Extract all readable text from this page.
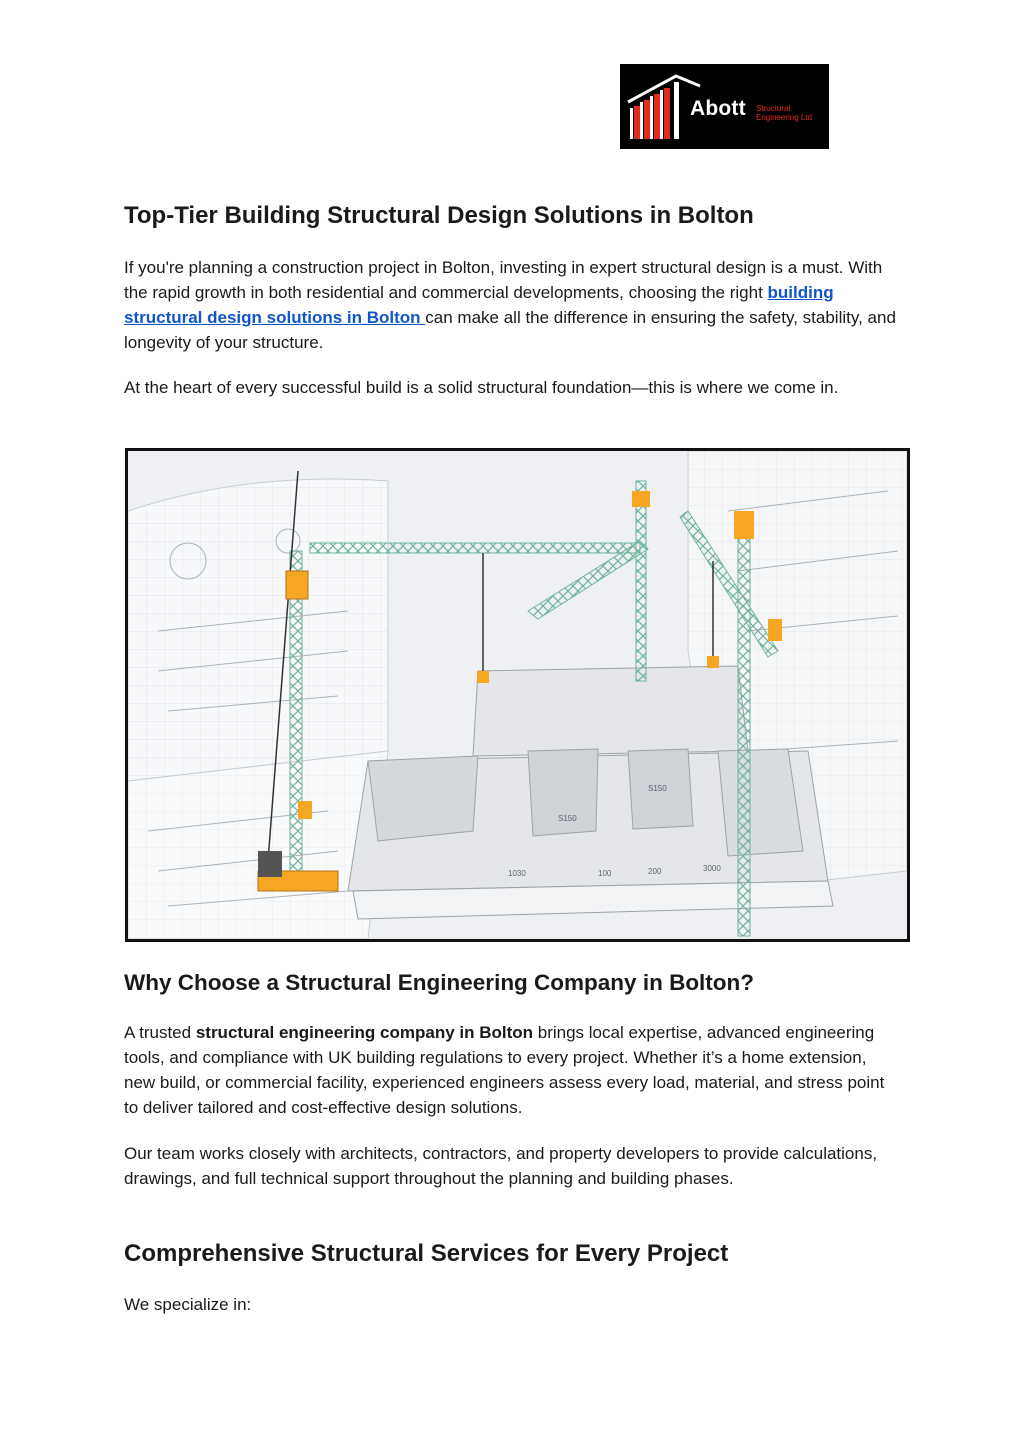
Abott Structural
Engineering Ltd
Top-Tier Building Structural Design Solutions in Bolton

If you're planning a construction project in Bolton, investing in expert structural design is a must. With the rapid growth in both residential and commercial developments, choosing the right building structural design solutions in Bolton can make all the difference in ensuring the safety, stability, and longevity of your structure.

At the heart of every successful build is a solid structural foundation—this is where we come in.

1030	100	200	3000
S150
S150
Why Choose a Structural Engineering Company in Bolton?

A trusted structural engineering company in Bolton brings local expertise, advanced engineering tools, and compliance with UK building regulations to every project. Whether it’s a home extension, new build, or commercial facility, experienced engineers assess every load, material, and stress point to deliver tailored and cost-effective design solutions.

Our team works closely with architects, contractors, and property developers to provide calculations, drawings, and full technical support throughout the planning and building phases.

Comprehensive Structural Services for Every Project

We specialize in:
